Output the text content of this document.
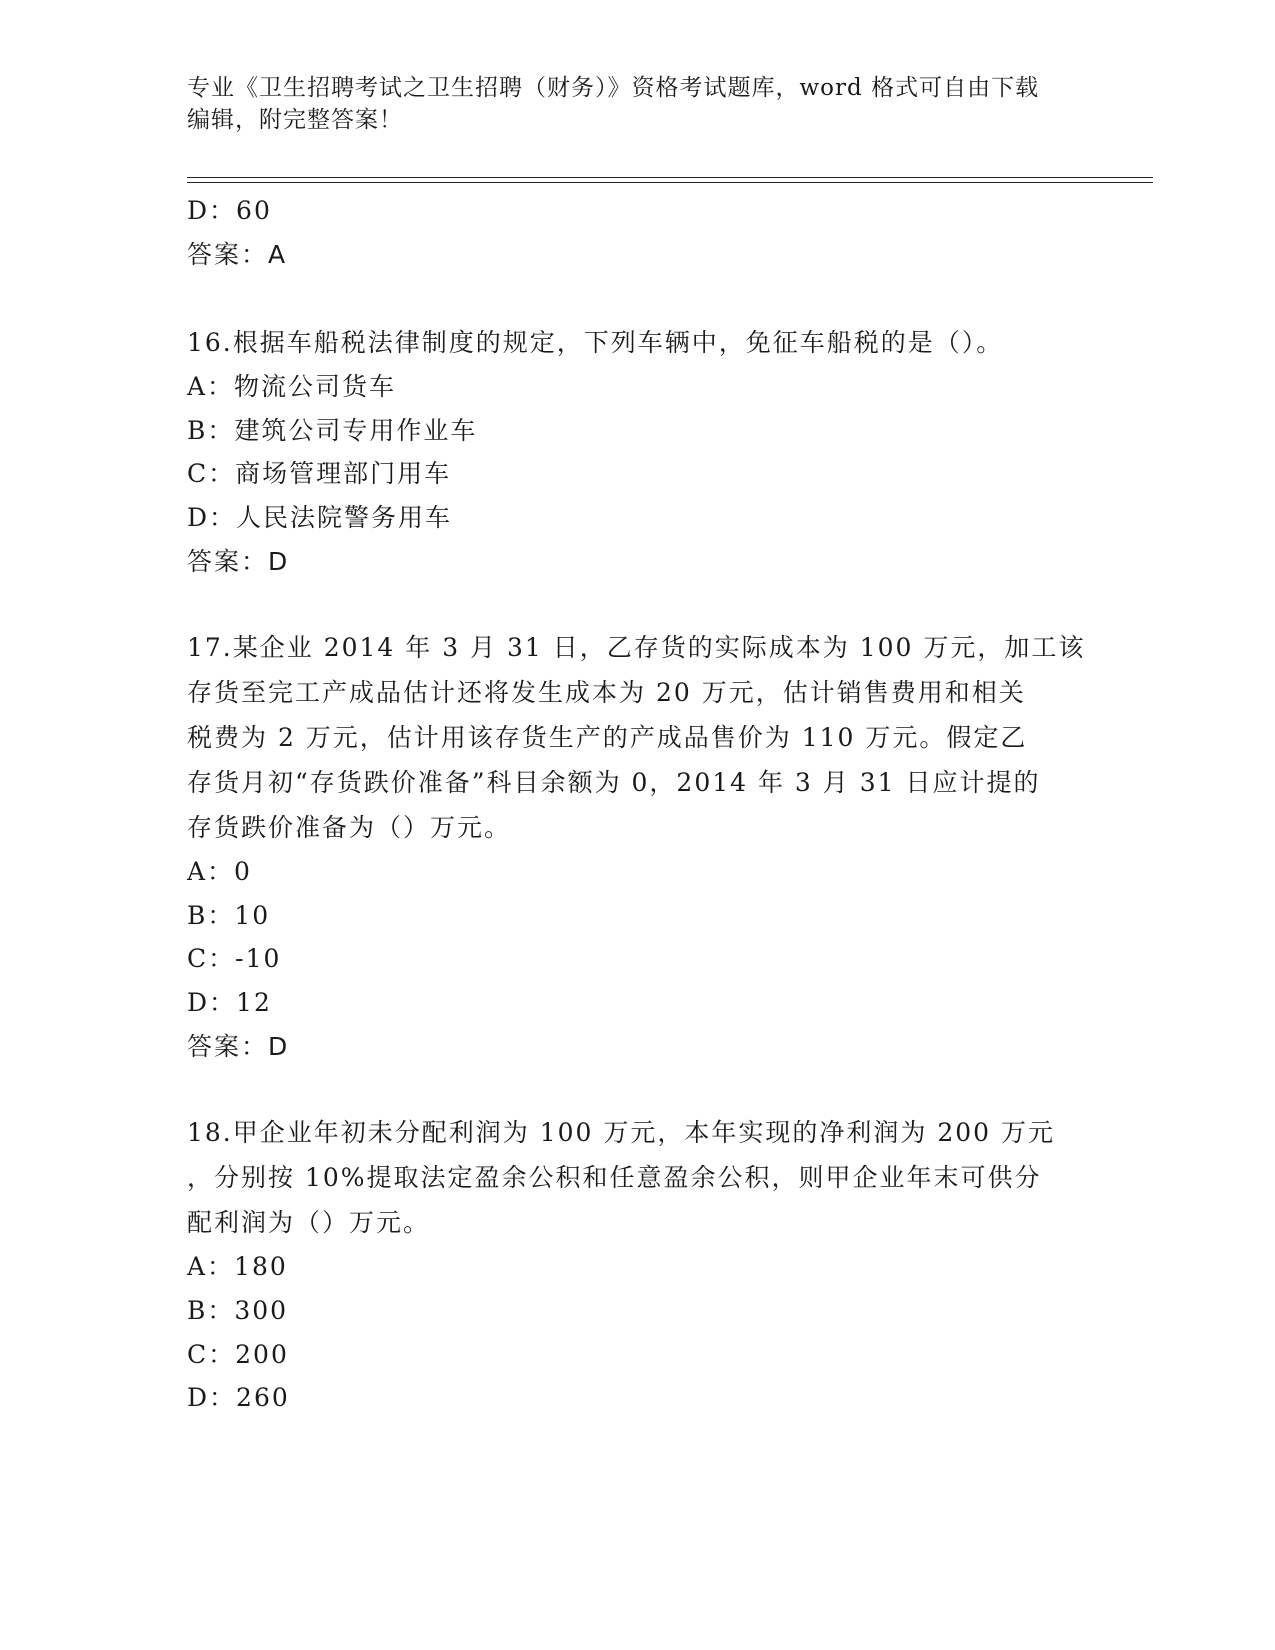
专业《卫生招聘考试之卫生招聘（财务）》资格考试题库，word 格式可自由下载
编辑，附完整答案！
D：60
答案：A
16.根据车船税法律制度的规定，下列车辆中，免征车船税的是（）。
A：物流公司货车
B：建筑公司专用作业车
C：商场管理部门用车
D：人民法院警务用车
答案：D
17.某企业 2014 年 3 月 31 日，乙存货的实际成本为 100 万元，加工该
存货至完工产成品估计还将发生成本为 20 万元，估计销售费用和相关
税费为 2 万元，估计用该存货生产的产成品售价为 110 万元。假定乙
存货月初“存货跌价准备”科目余额为 0，2014 年 3 月 31 日应计提的
存货跌价准备为（）万元。
A：0
B：10
C：-10
D：12
答案：D
18.甲企业年初未分配利润为 100 万元，本年实现的净利润为 200 万元
，分别按 10%提取法定盈余公积和任意盈余公积，则甲企业年末可供分
配利润为（）万元。
A：180
B：300
C：200
D：260
